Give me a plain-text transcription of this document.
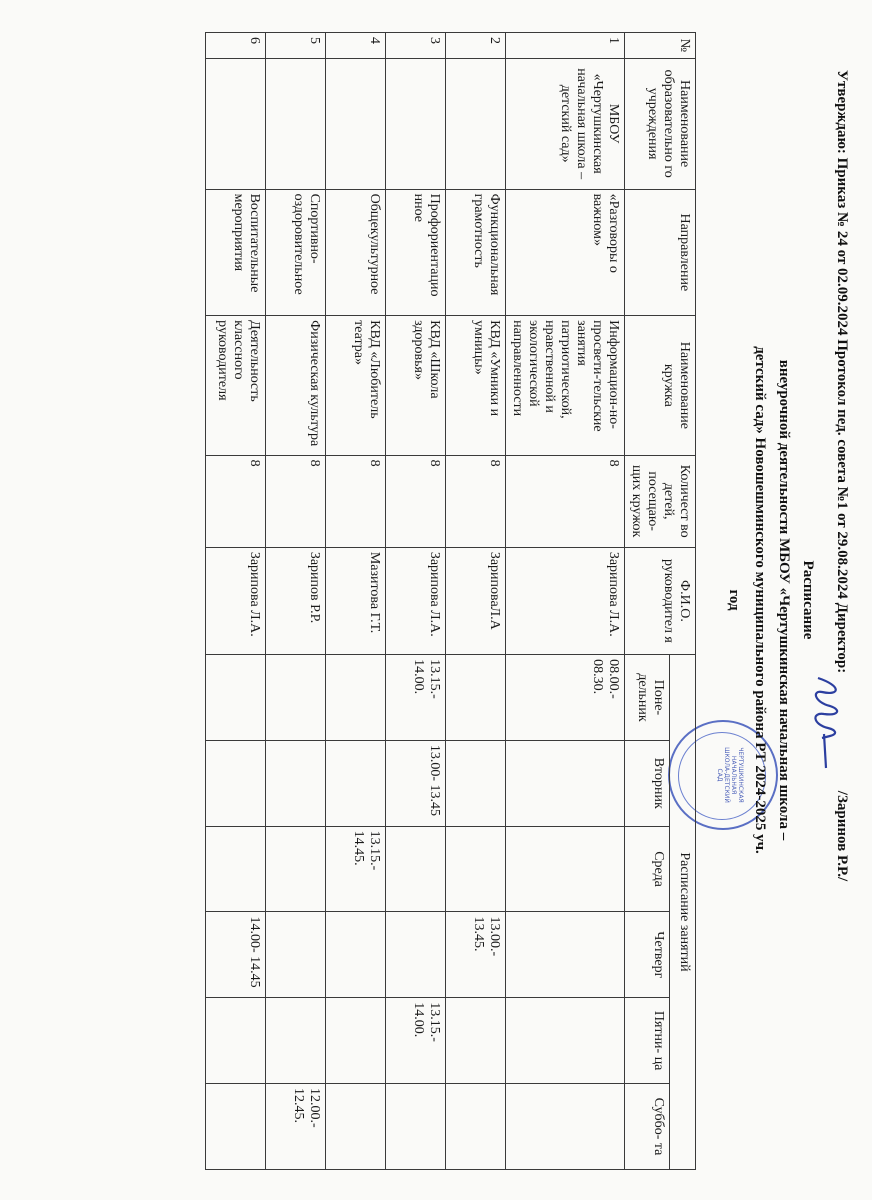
Утверждаю: Приказ № 24 от 02.09.2024 Протокол пед. совета №1 от 29.08.2024 Директор:  /Заринов Р.Р./
ЧЕРТУШКИНСКАЯ НАЧАЛЬНАЯ ШКОЛА-ДЕТСКИЙ САД
Расписание
внеурочной деятельности МБОУ «Чертушкинская начальная школа –
детский сад» Новошешминского муниципального района РТ 2024-2025 уч.
год
№	Наименование образовательно го учреждения	Направление	Наименование кружка	Количест во детей, посещаю- щих кружок	Ф.И.О. руководител я	Расписание занятий					
						Поне- дельник	Вторник	Среда	Четверг	Пятни- ца	Суббо- та
1	МБОУ «Чертушкинская начальная школа – детский сад»	«Разговоры о важном»	Информацион-но-просвети-тельские занятия патриотической, нравственной и экологической направленности	8	Зарипова Л.А.	08.00.- 08.30.					
2		Функциональная грамотность	КВД «Умники и умницы»	8	ЗариповаЛ.А				13.00.- 13.45.		
3		Профориентацио нное	КВД «Школа здоровья»	8	Зарипова Л.А.	13.15.- 14.00.	13.00- 13.45			13.15.- 14.00.	
4		Общекультурное	КВД «Любитель театра»	8	Мазитова Г.Т.			13.15.- 14.45.			
5		Спортивно- оздоровительное	Физическая культура	8	Зарипов Р.Р.						12.00.- 12.45.
6		Воспитательные мероприятия	Деятельность классного руководителя	8	Зарипова Л.А.				14.00- 14.45		
